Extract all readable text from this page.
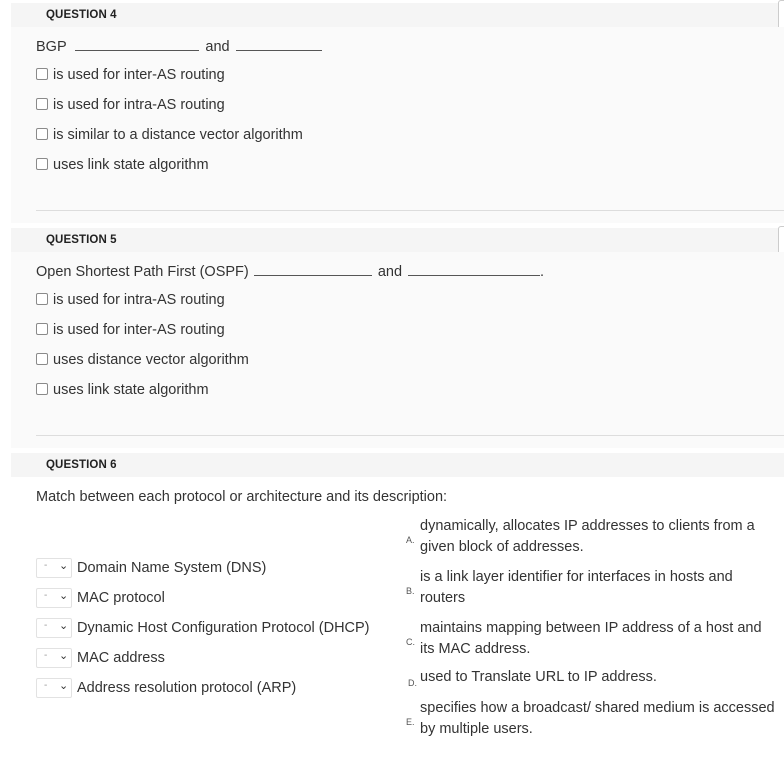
QUESTION 4
BGP	and
is used for inter-AS routing
is used for intra-AS routing
is similar to a distance vector algorithm
uses link state algorithm
QUESTION 5
Open Shortest Path First (OSPF)	and	.
is used for intra-AS routing
is used for inter-AS routing
uses distance vector algorithm
uses link state algorithm
QUESTION 6
Match between each protocol or architecture and its description:
- ⌄ Domain Name System (DNS)
- ⌄ MAC protocol
- ⌄ Dynamic Host Configuration Protocol (DHCP)
- ⌄ MAC address
- ⌄ Address resolution protocol (ARP)
A.
dynamically, allocates IP addresses to clients from a given block of addresses.
B.
is a link layer identifier for interfaces in hosts and routers
C.
maintains mapping between IP address of a host and its MAC address.
D. used to Translate URL to IP address.
E.
specifies how a broadcast/ shared medium is accessed by multiple users.
